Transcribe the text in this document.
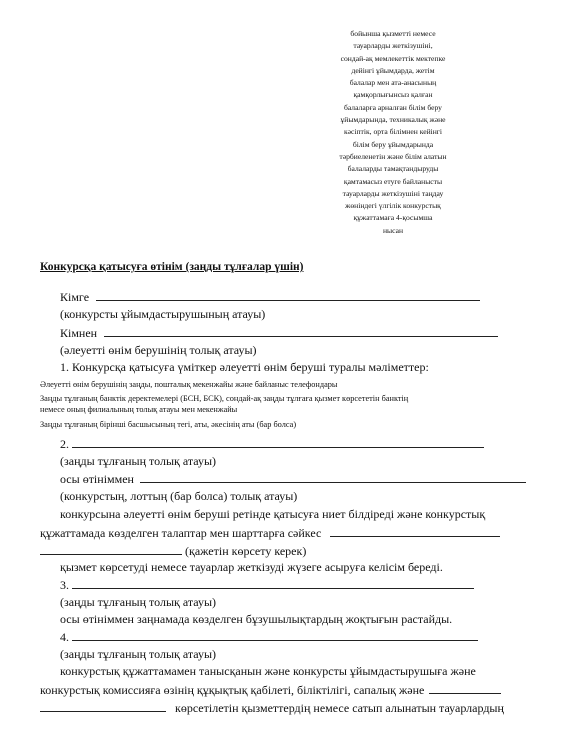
бойынша қызметті немесе
тауарларды жеткізушіні,
сондай-ақ мемлекеттік мектепке
дейінгі ұйымдарда, жетім
балалар мен ата-анасының
қамқорлығынсыз қалған
балаларға арналған білім беру
ұйымдарында, техникалық және
кәсіптік, орта білімнен кейінгі
білім беру ұйымдарында
тәрбиеленетін және білім алатын
балаларды тамақтандыруды
қамтамасыз етуге байланысты
тауарларды жеткізушіні таңдау
жөніндегі үлгілік конкурстық
құжаттамаға 4-қосымша
нысан
Конкурсқа қатысуға өтінім (заңды тұлғалар үшін)
Кімге
(конкурсты ұйымдастырушының атауы)
Кімнен
(әлеуетті өнім берушінің толық атауы)
1. Конкурсқа қатысуға үміткер әлеуетті өнім беруші туралы мәліметтер:
Әлеуетті өнім берушінің заңды, пошталық мекенжайы және байланыс телефондары
Заңды тұлғаның банктік деректемелері (БСН, БСК), сондай-ақ заңды тұлғаға қызмет көрсететін банктің
немесе оның филиалының толық атауы мен мекенжайы
Заңды тұлғаның бірінші басшысының тегі, аты, әкесінің аты (бар болса)
2.
(заңды тұлғаның толық атауы)
осы өтініммен
(конкурстың, лоттың (бар болса) толық атауы)
конкурсына әлеуетті өнім беруші ретінде қатысуға ниет білдіреді және конкурстық
құжаттамада көзделген талаптар мен шарттарға сәйкес
(қажетін көрсету керек)
қызмет көрсетуді немесе тауарлар жеткізуді жүзеге асыруға келісім береді.
3.
(заңды тұлғаның толық атауы)
осы өтініммен заңнамада көзделген бұзушылықтардың жоқтығын растайды.
4.
(заңды тұлғаның толық атауы)
конкурстық құжаттамамен танысқанын және конкурсты ұйымдастырушыға және
конкурстық комиссияға өзінің құқықтық қабілеті, біліктілігі, сапалық және
көрсетілетін қызметтердің немесе сатып алынатын тауарлардың
